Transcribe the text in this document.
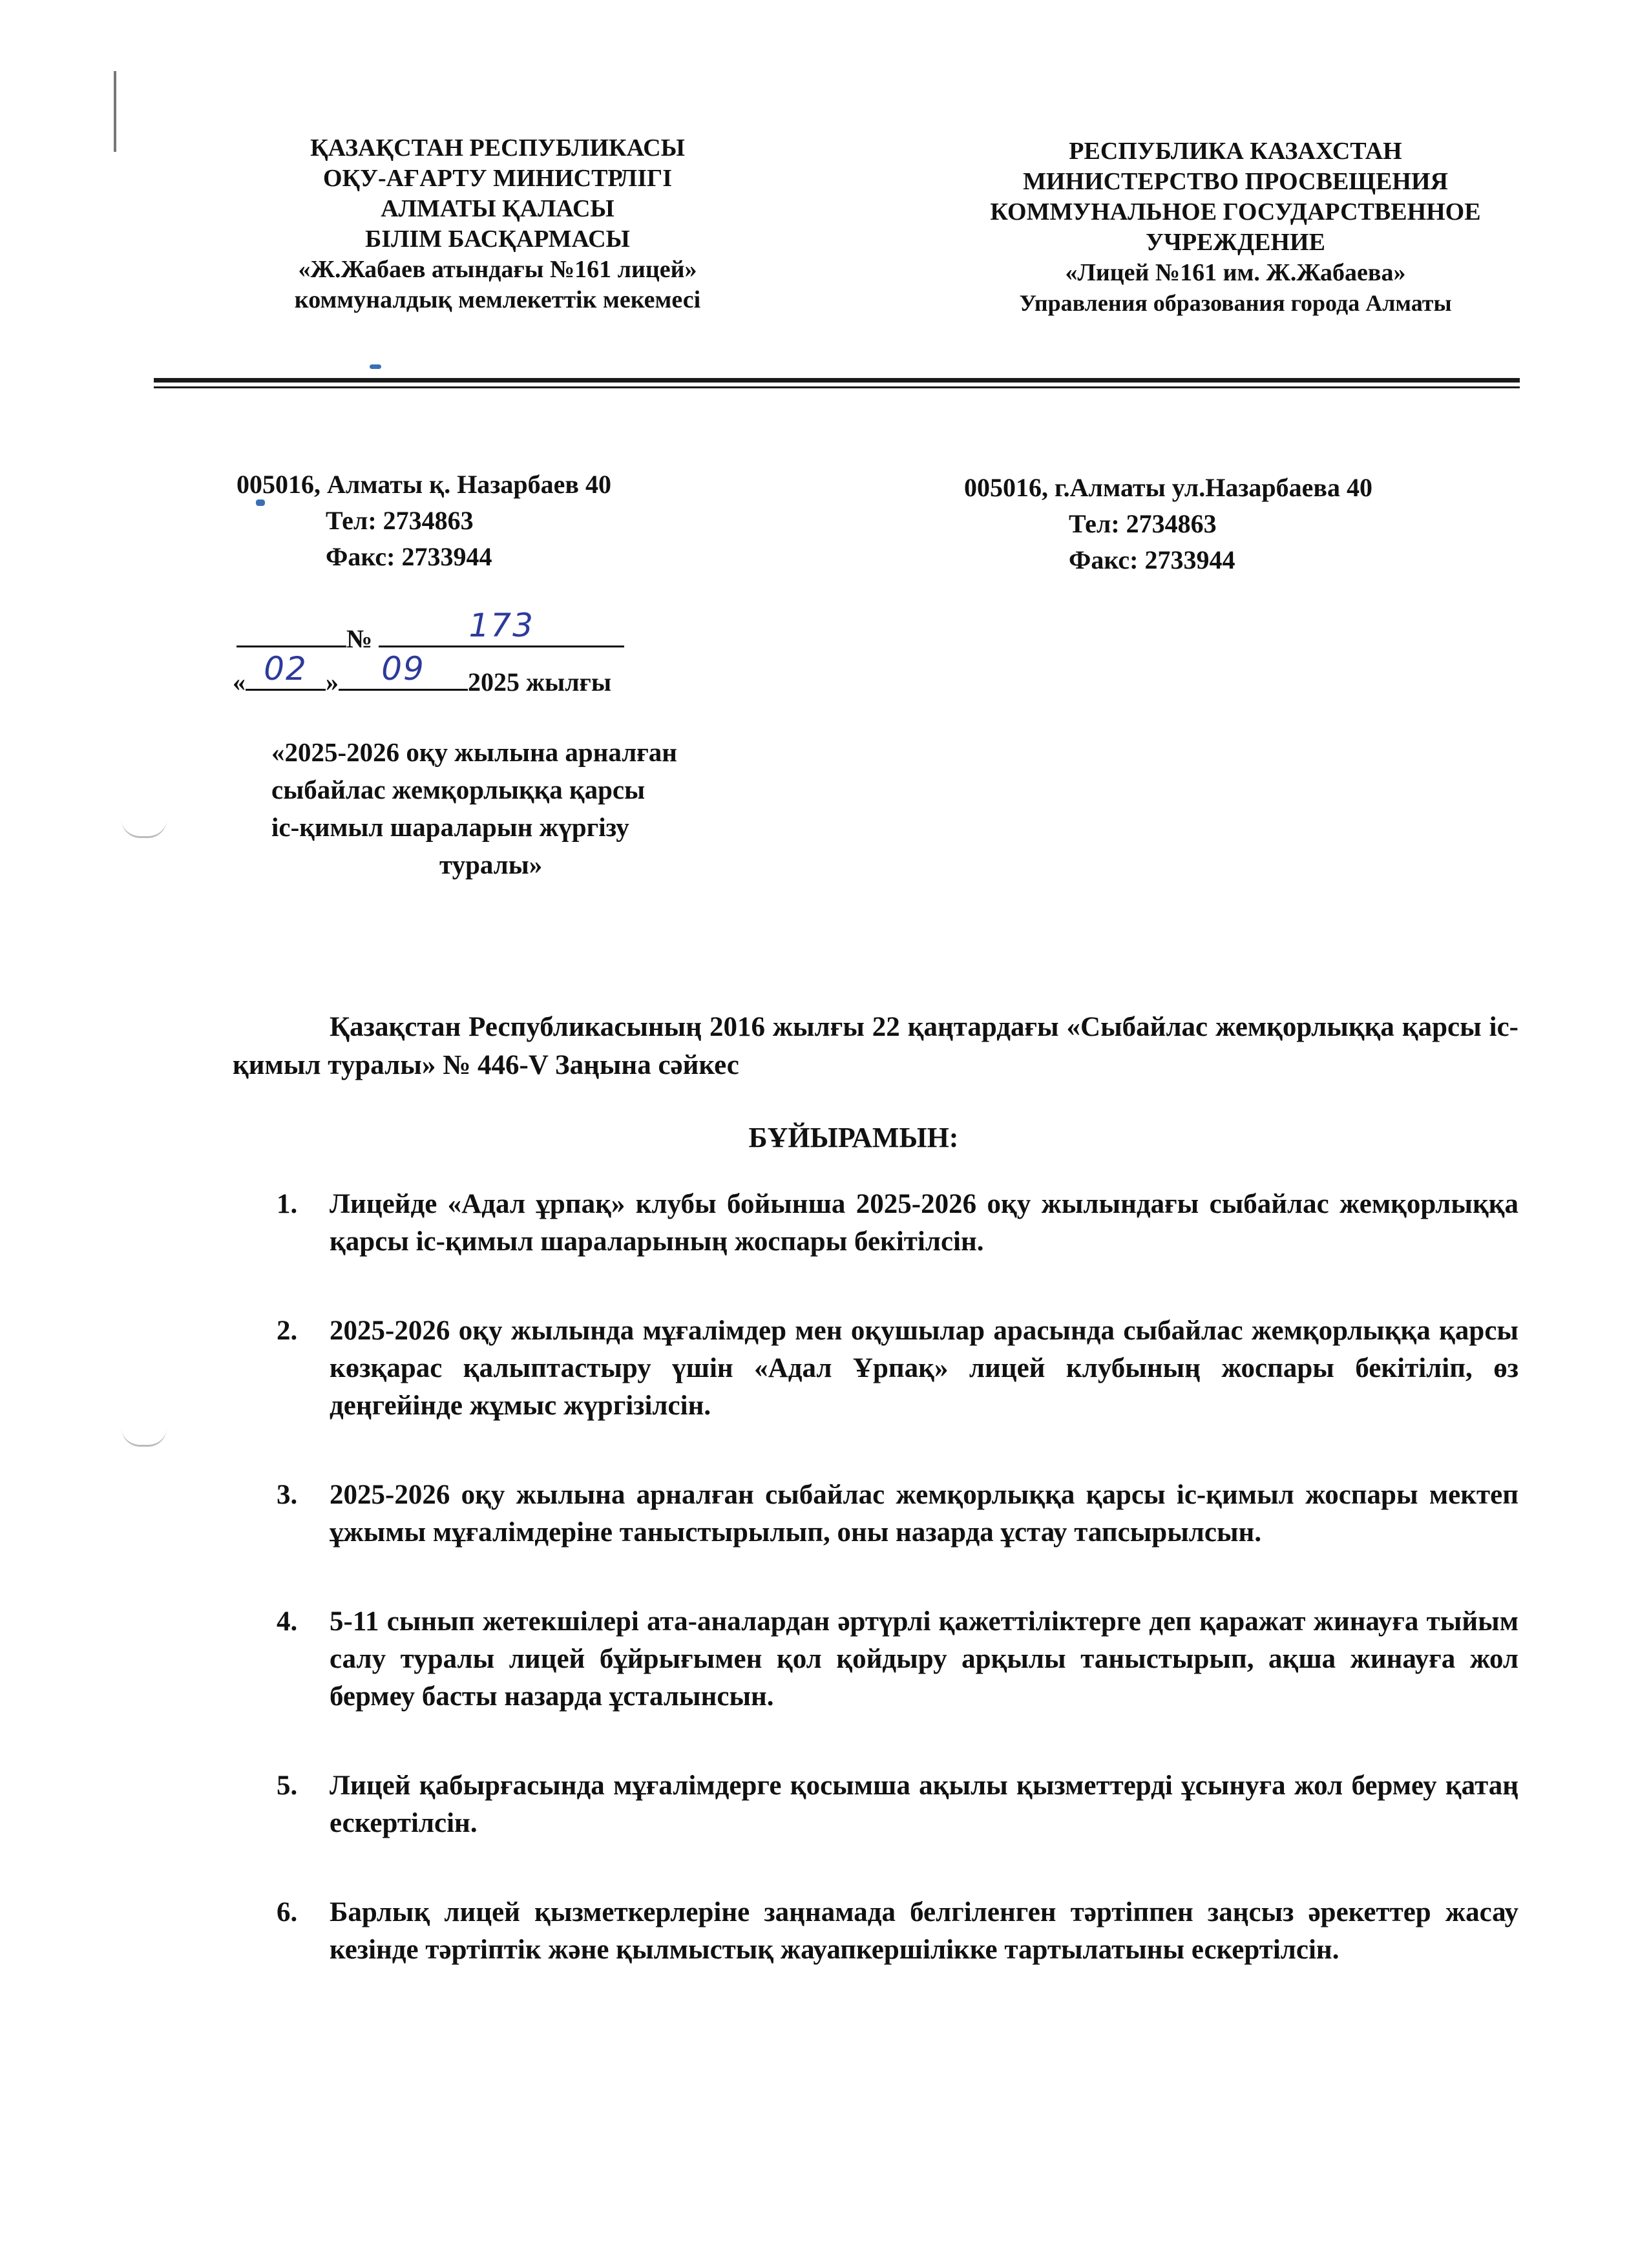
ҚАЗАҚСТАН РЕСПУБЛИКАСЫ
ОҚУ-АҒАРТУ МИНИСТРЛІГІ
АЛМАТЫ ҚАЛАСЫ
БІЛІМ БАСҚАРМАСЫ
«Ж.Жабаев атындағы №161 лицей»
коммуналдық мемлекеттік мекемесі
РЕСПУБЛИКА КАЗАХСТАН
МИНИСТЕРСТВО ПРОСВЕЩЕНИЯ
КОММУНАЛЬНОЕ ГОСУДАРСТВЕННОЕ
УЧРЕЖДЕНИЕ
«Лицей №161 им. Ж.Жабаева»
Управления образования города Алматы
005016, Алматы қ. Назарбаев 40
Тел: 2734863
Факс: 2733944
005016, г.Алматы ул.Назарбаева 40
Тел: 2734863
Факс: 2733944
№	173
« 02 »	09	2025 жылғы
«2025-2026 оқу жылына арналған
сыбайлас жемқорлыққа қарсы
іс-қимыл шараларын жүргізу
туралы»
Қазақстан Республикасының 2016 жылғы 22 қаңтардағы «Сыбайлас жемқорлыққа қарсы іс-қимыл туралы» № 446-V Заңына сәйкес
БҰЙЫРАМЫН:
1. Лицейде «Адал ұрпақ» клубы бойынша 2025-2026 оқу жылындағы сыбайлас жемқорлыққа қарсы іс-қимыл шараларының жоспары бекітілсін.
2. 2025-2026 оқу жылында мұғалімдер мен оқушылар арасында сыбайлас жемқорлыққа қарсы көзқарас қалыптастыру үшін «Адал Ұрпақ» лицей клубының жоспары бекітіліп, өз деңгейінде жұмыс жүргізілсін.
3. 2025-2026 оқу жылына арналған сыбайлас жемқорлыққа қарсы іс-қимыл жоспары мектеп ұжымы мұғалімдеріне таныстырылып, оны назарда ұстау тапсырылсын.
4. 5-11 сынып жетекшілері ата-аналардан әртүрлі қажеттіліктерге деп қаражат жинауға тыйым салу туралы лицей бұйрығымен қол қойдыру арқылы таныстырып, ақша жинауға жол бермеу басты назарда ұсталынсын.
5. Лицей қабырғасында мұғалімдерге қосымша ақылы қызметтерді ұсынуға жол бермеу қатаң ескертілсін.
6. Барлық лицей қызметкерлеріне заңнамада белгіленген тәртіппен заңсыз әрекеттер жасау кезінде тәртіптік және қылмыстық жауапкершілікке тартылатыны ескертілсін.
